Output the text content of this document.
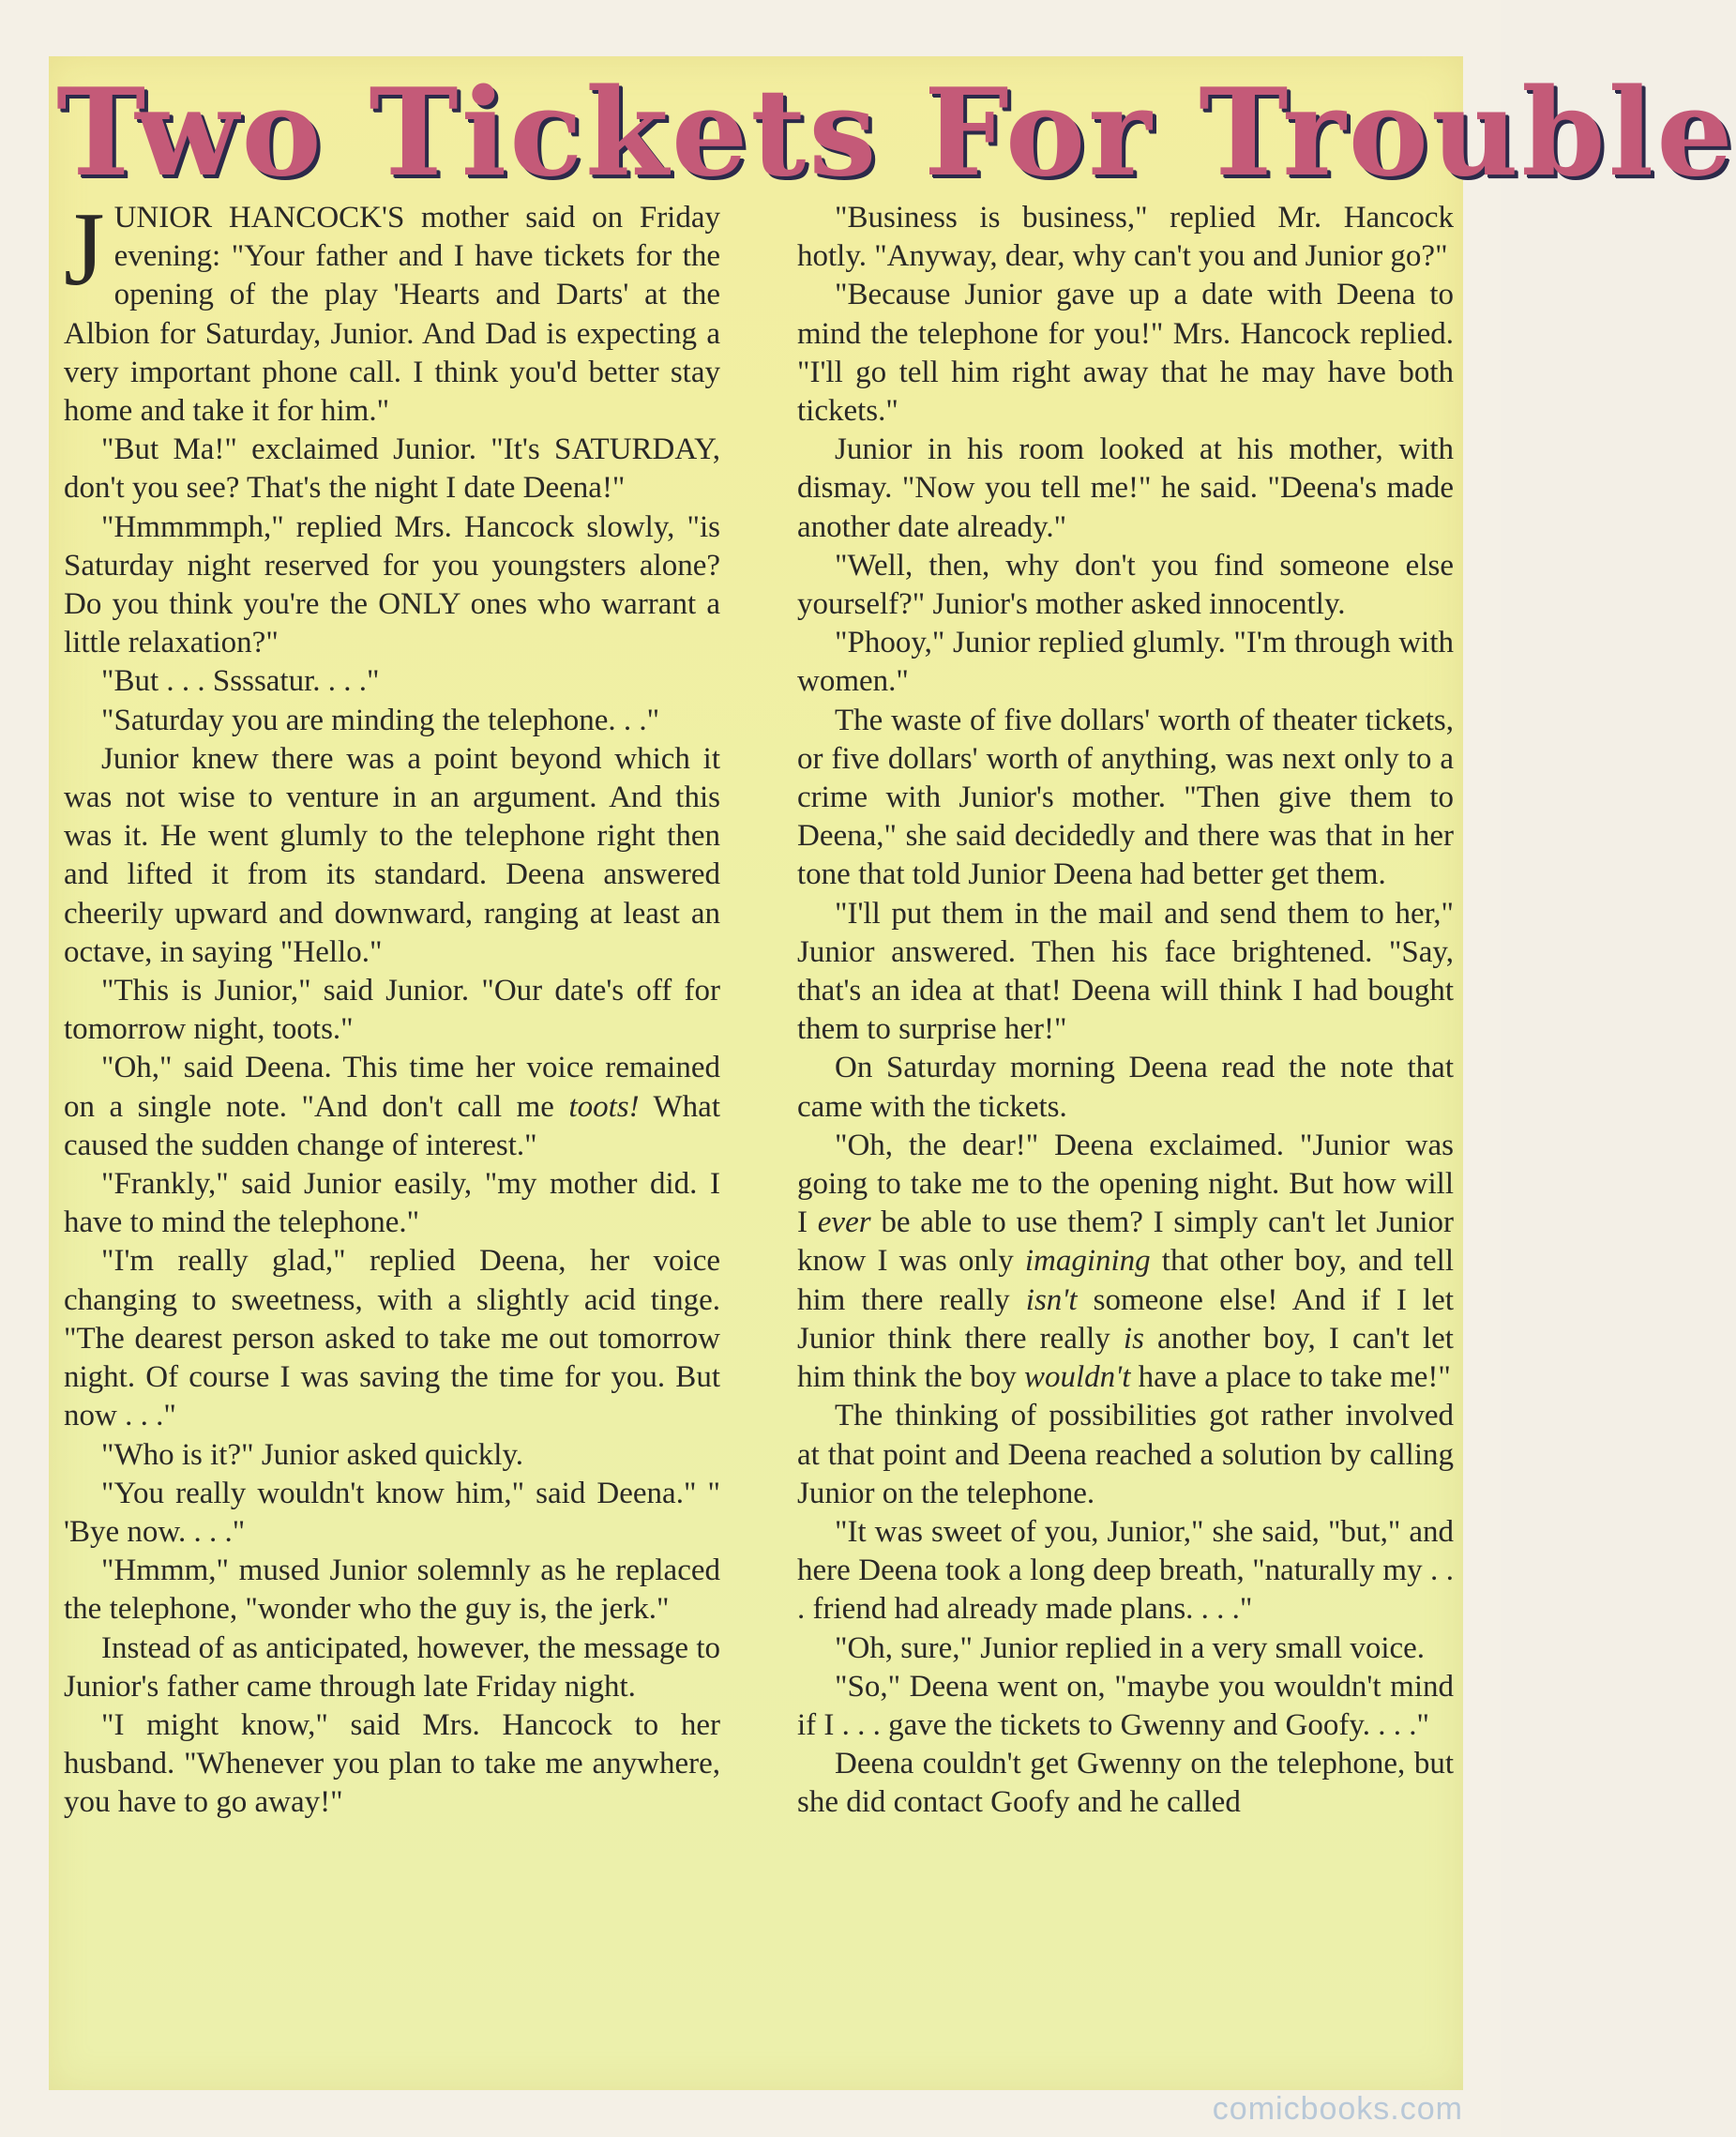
Two Tickets For Trouble

JUNIOR HANCOCK'S mother said on Friday evening: "Your father and I have tickets for the opening of the play 'Hearts and Darts' at the Albion for Saturday, Junior. And Dad is expecting a very important phone call. I think you'd better stay home and take it for him."

"But Ma!" exclaimed Junior. "It's SATURDAY, don't you see? That's the night I date Deena!"

"Hmmmmph," replied Mrs. Hancock slowly, "is Saturday night reserved for you youngsters alone? Do you think you're the ONLY ones who warrant a little relaxation?"

"But . . . Ssssatur. . . ."

"Saturday you are minding the telephone. . ."

Junior knew there was a point beyond which it was not wise to venture in an argument. And this was it. He went glumly to the telephone right then and lifted it from its standard. Deena answered cheerily upward and downward, ranging at least an octave, in saying "Hello."

"This is Junior," said Junior. "Our date's off for tomorrow night, toots."

"Oh," said Deena. This time her voice remained on a single note. "And don't call me toots! What caused the sudden change of interest."

"Frankly," said Junior easily, "my mother did. I have to mind the telephone."

"I'm really glad," replied Deena, her voice changing to sweetness, with a slightly acid tinge. "The dearest person asked to take me out tomorrow night. Of course I was saving the time for you. But now . . ."

"Who is it?" Junior asked quickly.

"You really wouldn't know him," said Deena." " 'Bye now. . . ."

"Hmmm," mused Junior solemnly as he replaced the telephone, "wonder who the guy is, the jerk."

Instead of as anticipated, however, the message to Junior's father came through late Friday night.

"I might know," said Mrs. Hancock to her husband. "Whenever you plan to take me anywhere, you have to go away!"

"Business is business," replied Mr. Hancock hotly. "Anyway, dear, why can't you and Junior go?"

"Because Junior gave up a date with Deena to mind the telephone for you!" Mrs. Hancock replied. "I'll go tell him right away that he may have both tickets."

Junior in his room looked at his mother, with dismay. "Now you tell me!" he said. "Deena's made another date already."

"Well, then, why don't you find someone else yourself?" Junior's mother asked innocently.

"Phooy," Junior replied glumly. "I'm through with women."

The waste of five dollars' worth of theater tickets, or five dollars' worth of anything, was next only to a crime with Junior's mother. "Then give them to Deena," she said decidedly and there was that in her tone that told Junior Deena had better get them.

"I'll put them in the mail and send them to her," Junior answered. Then his face brightened. "Say, that's an idea at that! Deena will think I had bought them to surprise her!"

On Saturday morning Deena read the note that came with the tickets.

"Oh, the dear!" Deena exclaimed. "Junior was going to take me to the opening night. But how will I ever be able to use them? I simply can't let Junior know I was only imagining that other boy, and tell him there really isn't someone else! And if I let Junior think there really is another boy, I can't let him think the boy wouldn't have a place to take me!"

The thinking of possibilities got rather involved at that point and Deena reached a solution by calling Junior on the telephone.

"It was sweet of you, Junior," she said, "but," and here Deena took a long deep breath, "naturally my . . . friend had already made plans. . . ."

"Oh, sure," Junior replied in a very small voice.

"So," Deena went on, "maybe you wouldn't mind if I . . . gave the tickets to Gwenny and Goofy. . . ."

Deena couldn't get Gwenny on the telephone, but she did contact Goofy and he called

comicbooks.com
